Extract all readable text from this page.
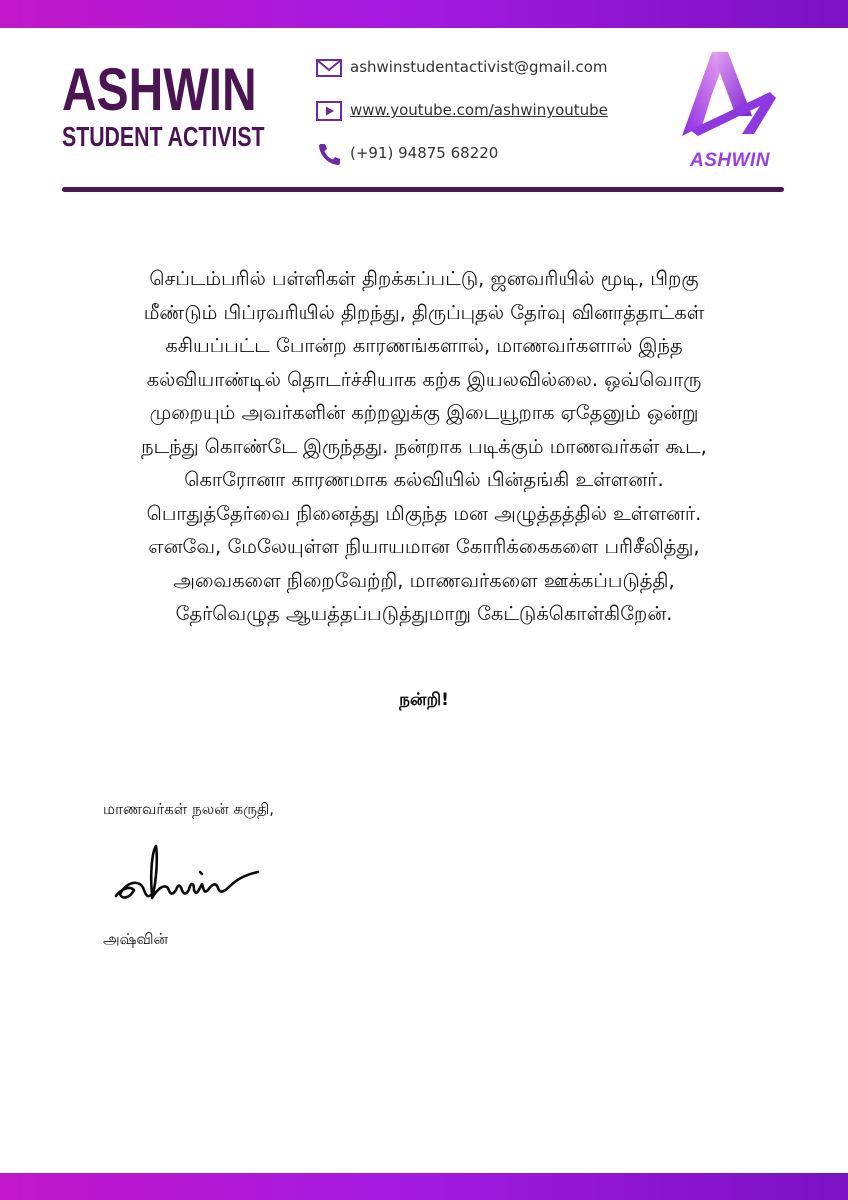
ASHWIN
STUDENT ACTIVIST
ashwinstudentactivist@gmail.com
www.youtube.com/ashwinyoutube
(+91) 94875 68220	ASHWIN
செப்டம்பரில் பள்ளிகள் திறக்கப்பட்டு, ஜனவரியில் மூடி, பிறகு
மீண்டும் பிப்ரவரியில் திறந்து, திருப்புதல் தேர்வு வினாத்தாட்கள்
கசியப்பட்ட போன்ற காரணங்களால், மாணவர்களால் இந்த
கல்வியாண்டில் தொடர்ச்சியாக கற்க இயலவில்லை. ஒவ்வொரு
முறையும் அவர்களின் கற்றலுக்கு இடையூறாக ஏதேனும் ஒன்று
நடந்து கொண்டே இருந்தது. நன்றாக படிக்கும் மாணவர்கள் கூட,
கொரோனா காரணமாக கல்வியில் பின்தங்கி உள்ளனர்.
பொதுத்தேர்வை நினைத்து மிகுந்த மன அழுத்தத்தில் உள்ளனர்.
எனவே, மேலேயுள்ள நியாயமான கோரிக்கைகளை பரிசீலித்து,
அவைகளை நிறைவேற்றி, மாணவர்களை ஊக்கப்படுத்தி,
தேர்வெழுத ஆயத்தப்படுத்துமாறு கேட்டுக்கொள்கிறேன்.
நன்றி!
மாணவர்கள் நலன் கருதி,
அஷ்வின்
